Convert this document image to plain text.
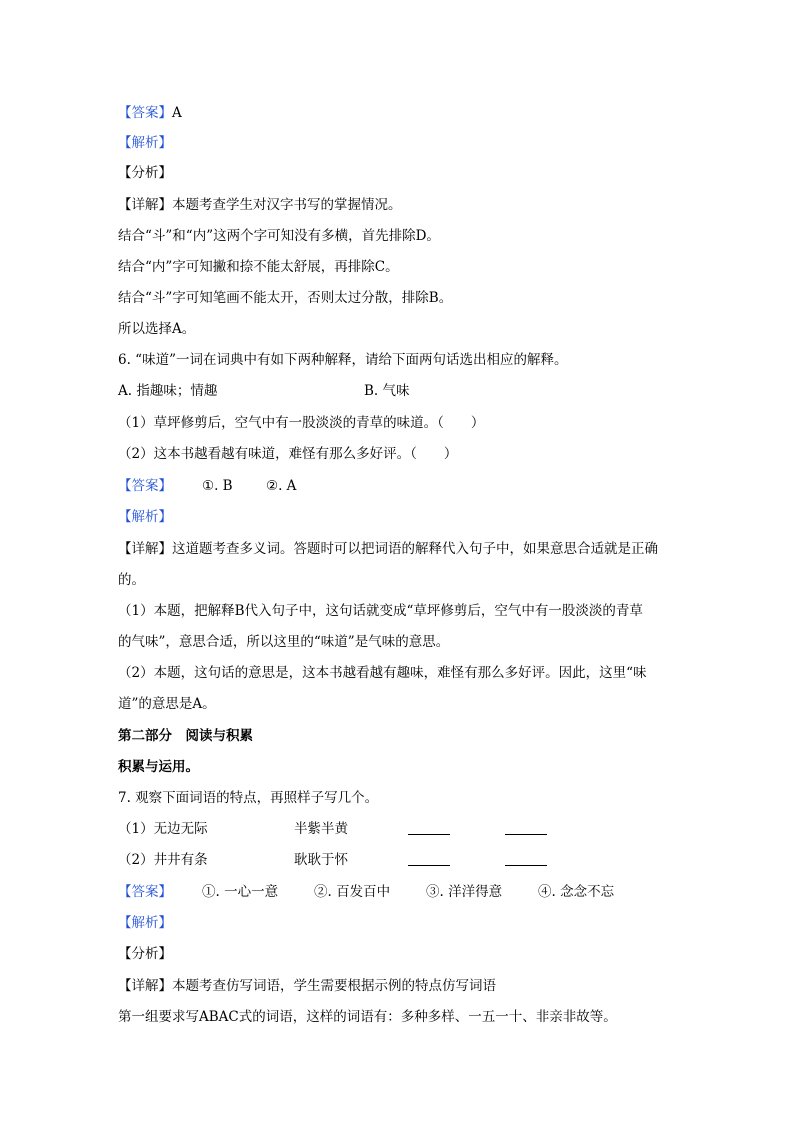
【答案】A
【解析】
【分析】
【详解】本题考查学生对汉字书写的掌握情况。
结合“斗”和“内”这两个字可知没有多横，首先排除D。
结合“内”字可知撇和捺不能太舒展，再排除C。
结合“斗”字可知笔画不能太开，否则太过分散，排除B。
所以选择A。
6. “味道”一词在词典中有如下两种解释，请给下面两句话选出相应的解释。
A. 指趣味；情趣	B. 气味
（1）草坪修剪后，空气中有一股淡淡的青草的味道。（　　）
（2）这本书越看越有味道，难怪有那么多好评。（　　）
【答案】 ①. B ②. A
【解析】
【详解】这道题考查多义词。答题时可以把词语的解释代入句子中，如果意思合适就是正确
的。
（1）本题，把解释B代入句子中，这句话就变成“草坪修剪后，空气中有一股淡淡的青草
的气味”，意思合适，所以这里的“味道”是气味的意思。
（2）本题，这句话的意思是，这本书越看越有趣味，难怪有那么多好评。因此，这里“味
道”的意思是A。
第二部分　阅读与积累
积累与运用。
7. 观察下面词语的特点，再照样子写几个。
（1）无边无际	半紫半黄
（2）井井有条	耿耿于怀
【答案】 ①. 一心一意	②. 百发百中	③. 洋洋得意	④. 念念不忘
【解析】
【分析】
【详解】本题考查仿写词语，学生需要根据示例的特点仿写词语
第一组要求写ABAC式的词语，这样的词语有：多种多样、一五一十、非亲非故等。
